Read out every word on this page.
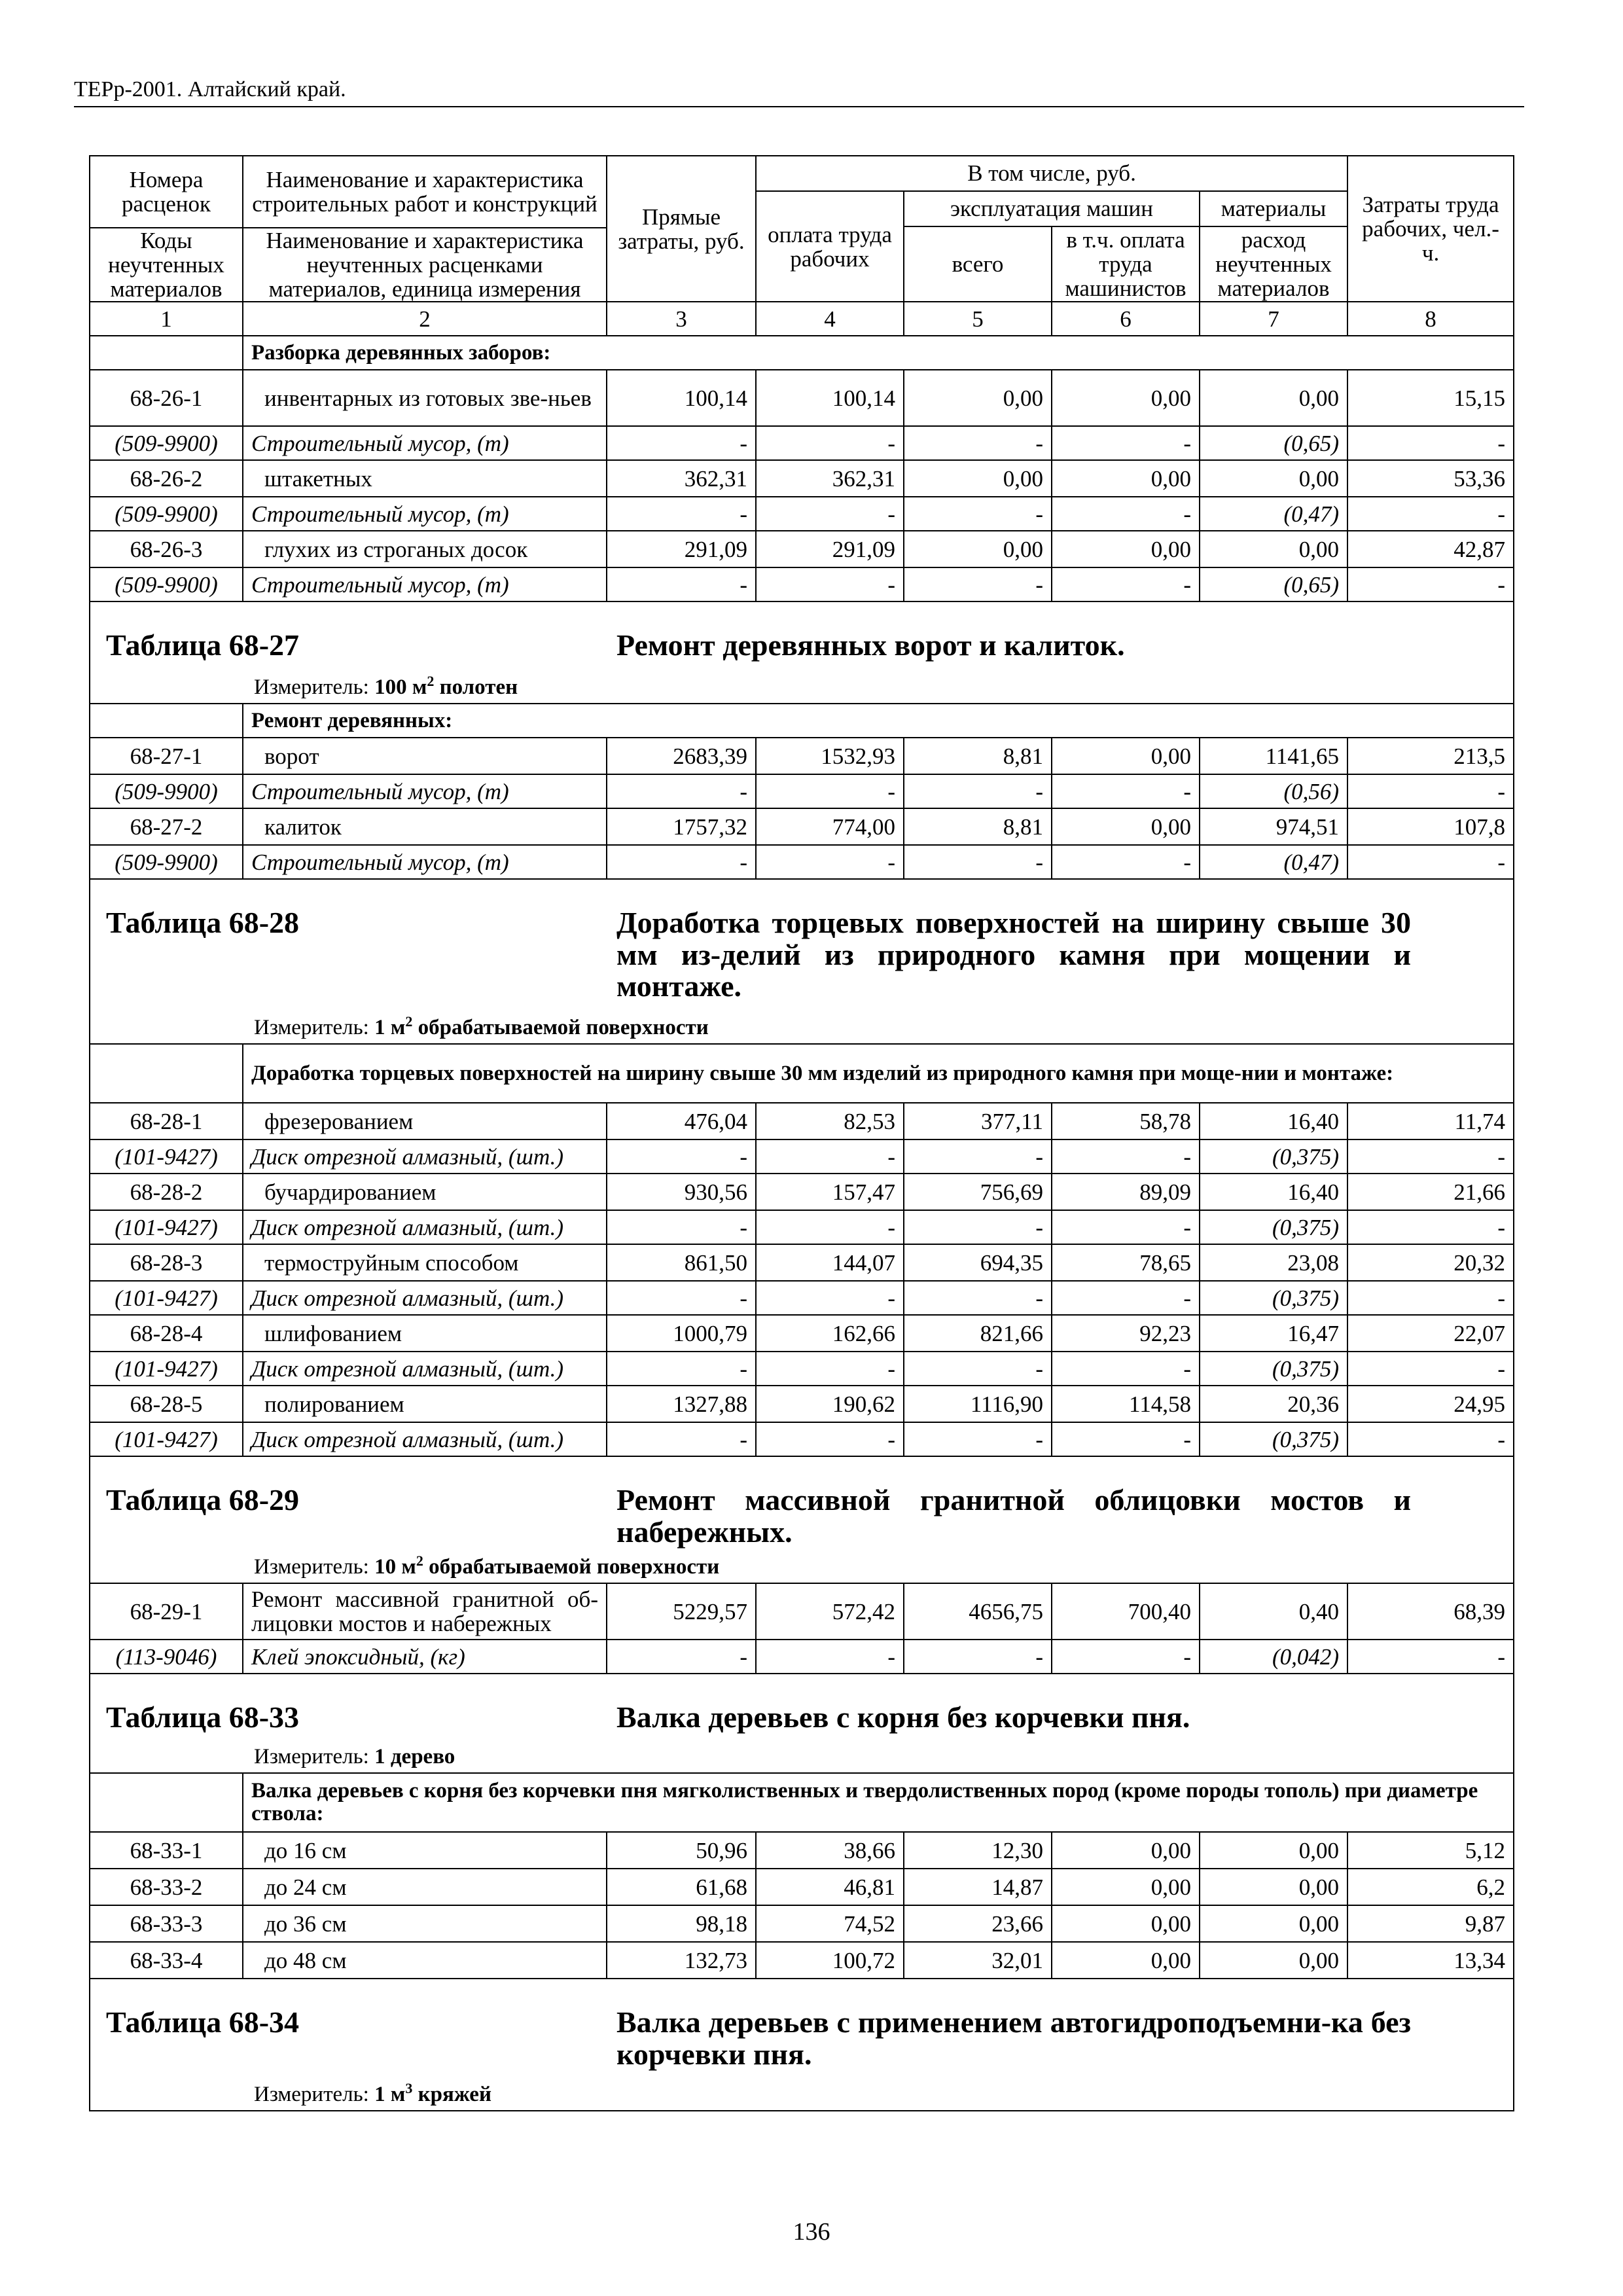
ТЕРр-2001. Алтайский край.
Номера расценок	Наименование и характеристика строительных работ и конструкций	Прямые затраты, руб.	В том числе, руб.				Затраты труда рабочих, чел.-ч.
			оплата труда рабочих	эксплуатация машин		материалы	
				всего	в т.ч. оплата труда машинистов	расход неучтенных материалов	
Коды неучтенных материалов	Наименование и характеристика неучтенных расценками материалов, единица измерения						
1	2	3	4	5	6	7	8
	Разборка деревянных заборов:						
68-26-1	инвентарных из готовых зве-ньев	100,14	100,14	0,00	0,00	0,00	15,15
(509-9900)	Строительный мусор, (т)	-	-	-	-	(0,65)	-
68-26-2	штакетных	362,31	362,31	0,00	0,00	0,00	53,36
(509-9900)	Строительный мусор, (т)	-	-	-	-	(0,47)	-
68-26-3	глухих из строганых досок	291,09	291,09	0,00	0,00	0,00	42,87
(509-9900)	Строительный мусор, (т)	-	-	-	-	(0,65)	-

Таблица 68-27 Ремонт деревянных ворот и калиток.
Измеритель: 100 $м^2$ полотен							

	Ремонт деревянных:						
68-27-1	ворот	2683,39	1532,93	8,81	0,00	1141,65	213,5
(509-9900)	Строительный мусор, (т)	-	-	-	-	(0,56)	-
68-27-2	калиток	1757,32	774,00	8,81	0,00	974,51	107,8
(509-9900)	Строительный мусор, (т)	-	-	-	-	(0,47)	-

Таблица 68-28 Доработка торцевых поверхностей на ширину свыше 30 мм из-делий из природного камня при мощении и монтаже.
Измеритель: 1 $м^2$ обрабатываемой поверхности							

	Доработка торцевых поверхностей на ширину свыше 30 мм изделий из природного камня при моще-нии и монтаже:						
68-28-1	фрезерованием	476,04	82,53	377,11	58,78	16,40	11,74
(101-9427)	Диск отрезной алмазный, (шт.)	-	-	-	-	(0,375)	-
68-28-2	бучардированием	930,56	157,47	756,69	89,09	16,40	21,66
(101-9427)	Диск отрезной алмазный, (шт.)	-	-	-	-	(0,375)	-
68-28-3	термоструйным способом	861,50	144,07	694,35	78,65	23,08	20,32
(101-9427)	Диск отрезной алмазный, (шт.)	-	-	-	-	(0,375)	-
68-28-4	шлифованием	1000,79	162,66	821,66	92,23	16,47	22,07
(101-9427)	Диск отрезной алмазный, (шт.)	-	-	-	-	(0,375)	-
68-28-5	полированием	1327,88	190,62	1116,90	114,58	20,36	24,95
(101-9427)	Диск отрезной алмазный, (шт.)	-	-	-	-	(0,375)	-

Таблица 68-29 Ремонт массивной гранитной облицовки мостов и набережных.
Измеритель: 10 $м^2$ обрабатываемой поверхности							

68-29-1	Ремонт массивной гранитной об-лицовки мостов и набережных	5229,57	572,42	4656,75	700,40	0,40	68,39
(113-9046)	Клей эпоксидный, (кг)	-	-	-	-	(0,042)	-

Таблица 68-33 Валка деревьев с корня без корчевки пня.
Измеритель: 1 дерево							

	Валка деревьев с корня без корчевки пня мягколиственных и твердолиственных пород (кроме породы тополь) при диаметре ствола:						
68-33-1	до 16 см	50,96	38,66	12,30	0,00	0,00	5,12
68-33-2	до 24 см	61,68	46,81	14,87	0,00	0,00	6,2
68-33-3	до 36 см	98,18	74,52	23,66	0,00	0,00	9,87
68-33-4	до 48 см	132,73	100,72	32,01	0,00	0,00	13,34

Таблица 68-34 Валка деревьев с применением автогидроподъемни-ка без корчевки пня.
Измеритель: 1 $м^3$ кряжей							
136
